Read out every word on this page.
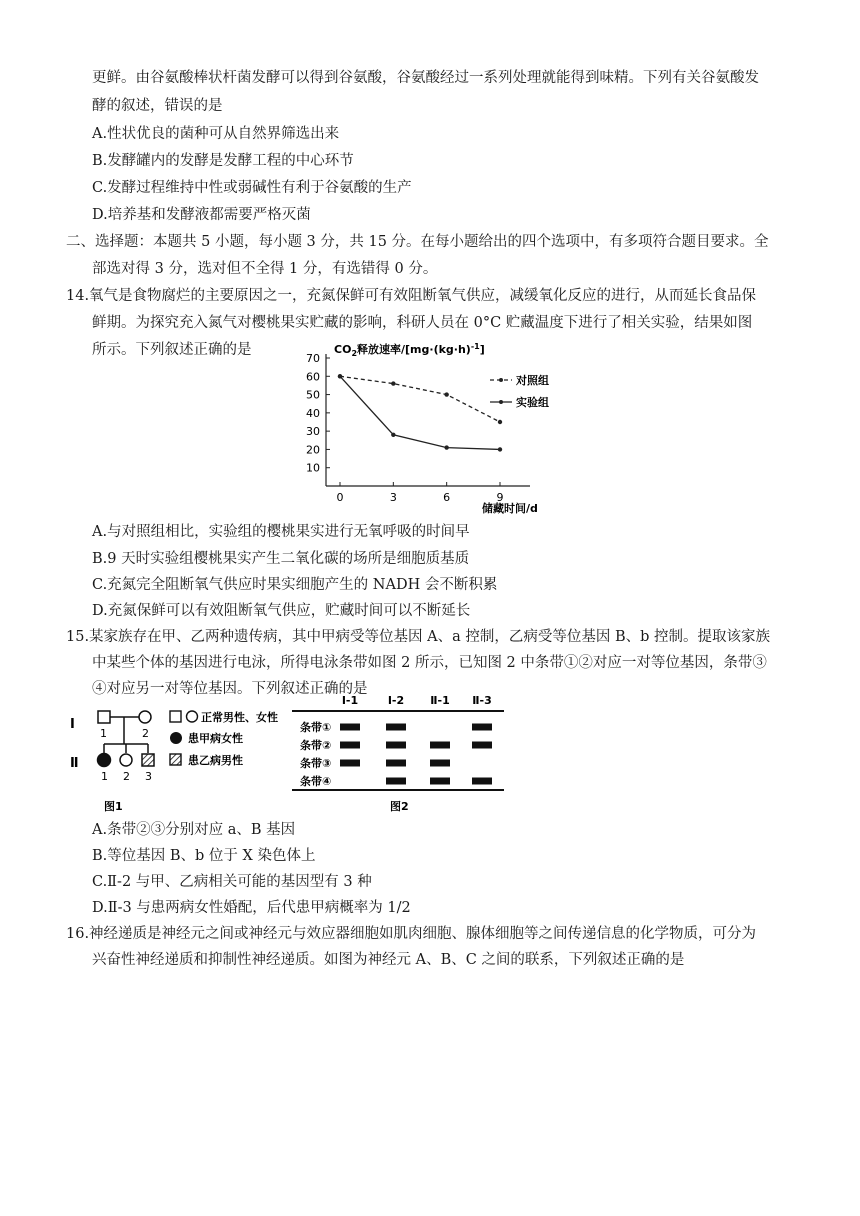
更鲜。由谷氨酸棒状杆菌发酵可以得到谷氨酸，谷氨酸经过一系列处理就能得到味精。下列有关谷氨酸发
酵的叙述，错误的是
A.性状优良的菌种可从自然界筛选出来
B.发酵罐内的发酵是发酵工程的中心环节
C.发酵过程维持中性或弱碱性有利于谷氨酸的生产
D.培养基和发酵液都需要严格灭菌
二、选择题：本题共 5 小题，每小题 3 分，共 15 分。在每小题给出的四个选项中，有多项符合题目要求。全
部选对得 3 分，选对但不全得 1 分，有选错得 0 分。
14.氧气是食物腐烂的主要原因之一，充氮保鲜可有效阻断氧气供应，减缓氧化反应的进行，从而延长食品保
鲜期。为探究充入氮气对樱桃果实贮藏的影响，科研人员在 0°C 贮藏温度下进行了相关实验，结果如图
所示。下列叙述正确的是	$CO_2$释放速率$/[mg\cdot(kg\cdot h)^{-1}]$
10
20
30
40
50
60
70
0	3	6	9
对照组
实验组
储藏时间/d
A.与对照组相比，实验组的樱桃果实进行无氧呼吸的时间早
B.9 天时实验组樱桃果实产生二氧化碳的场所是细胞质基质
C.充氮完全阻断氧气供应时果实细胞产生的 NADH 会不断积累
D.充氮保鲜可以有效阻断氧气供应，贮藏时间可以不断延长
15.某家族存在甲、乙两种遗传病，其中甲病受等位基因 A、a 控制，乙病受等位基因 B、b 控制。提取该家族
中某些个体的基因进行电泳，所得电泳条带如图 2 所示，已知图 2 中条带①②对应一对等位基因，条带③
④对应另一对等位基因。下列叙述正确的是
Ⅰ
Ⅱ
1	2
1 2 3
正常男性、女性
患甲病女性
患乙病男性
图1
Ⅰ-1	Ⅰ-2 Ⅱ-1 Ⅱ-3
条带①
条带②
条带③
条带④
图2
A.条带②③分别对应 a、B 基因
B.等位基因 B、b 位于 X 染色体上
C.Ⅱ-2 与甲、乙病相关可能的基因型有 3 种
D.Ⅱ-3 与患两病女性婚配，后代患甲病概率为 1/2
16.神经递质是神经元之间或神经元与效应器细胞如肌肉细胞、腺体细胞等之间传递信息的化学物质，可分为
兴奋性神经递质和抑制性神经递质。如图为神经元 A、B、C 之间的联系，下列叙述正确的是
